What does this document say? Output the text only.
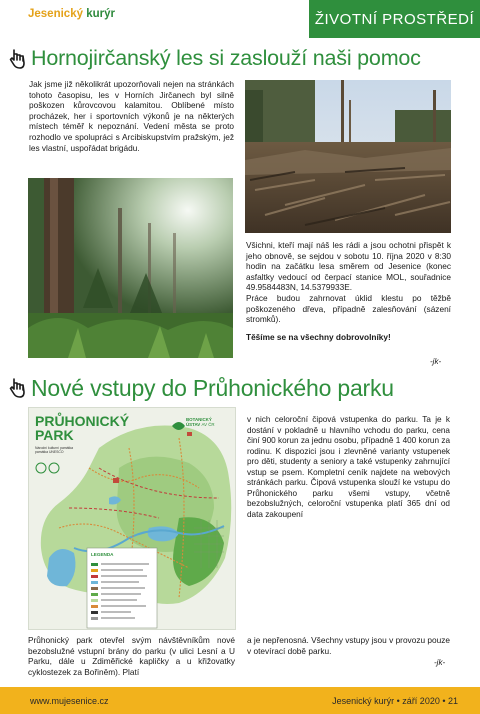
Jesenický kurýr	ŽIVOTNÍ PROSTŘEDÍ
Hornojirčanský les si zaslouží naši pomoc
Jak jsme již několikrát upozorňovali nejen na stránkách tohoto časopisu, les v Horních Jirčanech byl silně poškozen kůrovcovou kalamitou. Oblíbené místo procházek, her i sportovních výkonů je na některých místech téměř k nepoznání. Vedení města se proto rozhodlo ve spolupráci s Arcibiskupstvím pražským, jež les vlastní, uspořádat brigádu.

Všichni, kteří mají náš les rádi a jsou ochotni přispět k jeho obnově, se sejdou v sobotu 10. října 2020 v 8:30 hodin na začátku lesa směrem od Jesenice (konec asfaltky vedoucí od čerpací stanice MOL, souřadnice 49.9584483N, 14.5379933E.

Práce budou zahrnovat úklid klestu po těžbě poškozeného dřeva, případně zalesňování (sázení stromků).

Těšíme se na všechny dobrovolníky!

-jk-
Nové vstupy do Průhonického parku
PRŮHONICKÝ
PARK
Národní kulturní památka památka UNESCO
BOTANICKÝ
ÚSTAV AV ČR
LEGENDA
v nich celoroční čipová vstupenka do parku. Ta je k dostání v pokladně u hlavního vchodu do parku, cena činí 900 korun za jednu osobu, případně 1 400 korun za rodinu. K dispozici jsou i zlevněné varianty vstupenek pro děti, studenty a seniory a také vstupenky zahrnující vstup se psem. Kompletní ceník najdete na webových stránkách parku. Čipová vstupenka slouží ke vstupu do Průhonického parku všemi vstupy, včetně bezobslužných, celoroční vstupenka platí 365 dní od data zakoupení
Průhonický park otevřel svým návštěvníkům nové bezobslužné vstupní brány do parku (v ulici Lesní a U Parku, dále u Zdiměřické kapličky a u křižovatky cyklostezek za Bořiněm). Platí
a je nepřenosná. Všechny vstupy jsou v provozu pouze v otevírací době parku.
-jk-
www.mujesenice.cz	Jesenický kurýr • září 2020 • 21
